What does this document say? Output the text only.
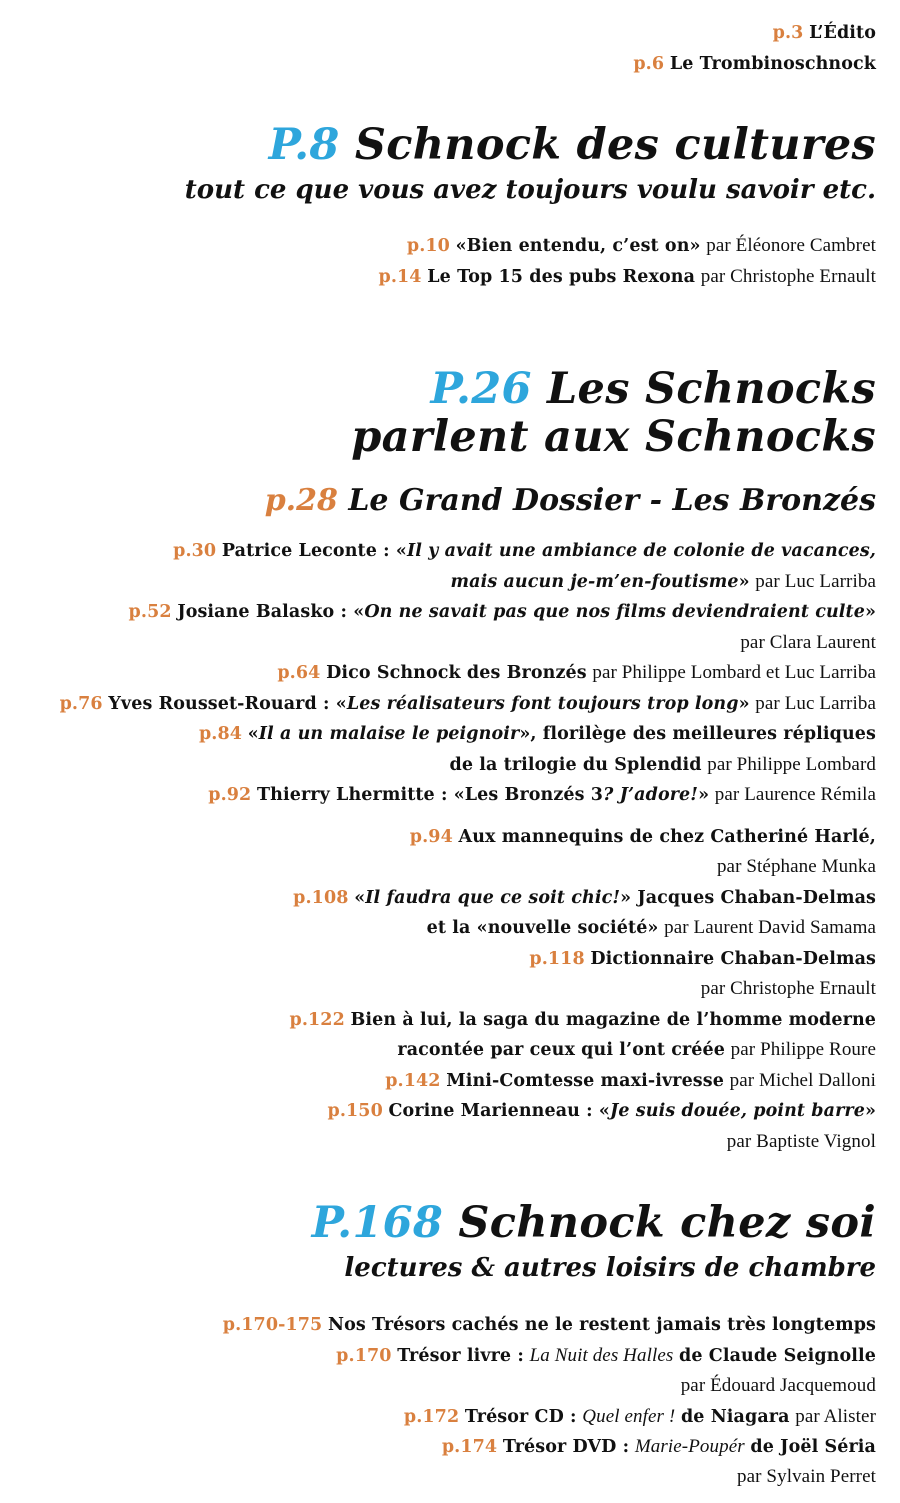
p.3 L’Édito
p.6 Le Trombinoschnock
P.8 Schnock des cultures
tout ce que vous avez toujours voulu savoir etc.
p.10 «Bien entendu, c’est on» par Éléonore Cambret
p.14 Le Top 15 des pubs Rexona par Christophe Ernault
P.26 Les Schnocks
parlent aux Schnocks
p.28 Le Grand Dossier - Les Bronzés
p.30 Patrice Leconte : «Il y avait une ambiance de colonie de vacances,
mais aucun je-m’en-foutisme» par Luc Larriba
p.52 Josiane Balasko : «On ne savait pas que nos films deviendraient culte»
par Clara Laurent
p.64 Dico Schnock des Bronzés par Philippe Lombard et Luc Larriba
p.76 Yves Rousset-Rouard : «Les réalisateurs font toujours trop long» par Luc Larriba
p.84 «Il a un malaise le peignoir», florilège des meilleures répliques
de la trilogie du Splendid par Philippe Lombard
p.92 Thierry Lhermitte : «Les Bronzés 3? J’adore!» par Laurence Rémila
p.94 Aux mannequins de chez Catheriné Harlé,
par Stéphane Munka
p.108 «Il faudra que ce soit chic!» Jacques Chaban-Delmas
et la «nouvelle société» par Laurent David Samama
p.118 Dictionnaire Chaban-Delmas
par Christophe Ernault
p.122 Bien à lui, la saga du magazine de l’homme moderne
racontée par ceux qui l’ont créée par Philippe Roure
p.142 Mini-Comtesse maxi-ivresse par Michel Dalloni
p.150 Corine Marienneau : «Je suis douée, point barre»
par Baptiste Vignol
P.168 Schnock chez soi
lectures & autres loisirs de chambre
p.170-175 Nos Trésors cachés ne le restent jamais très longtemps
p.170 Trésor livre : La Nuit des Halles de Claude Seignolle
par Édouard Jacquemoud
p.172 Trésor CD : Quel enfer ! de Niagara par Alister
p.174 Trésor DVD : Marie-Poupér de Joël Séria
par Sylvain Perret
